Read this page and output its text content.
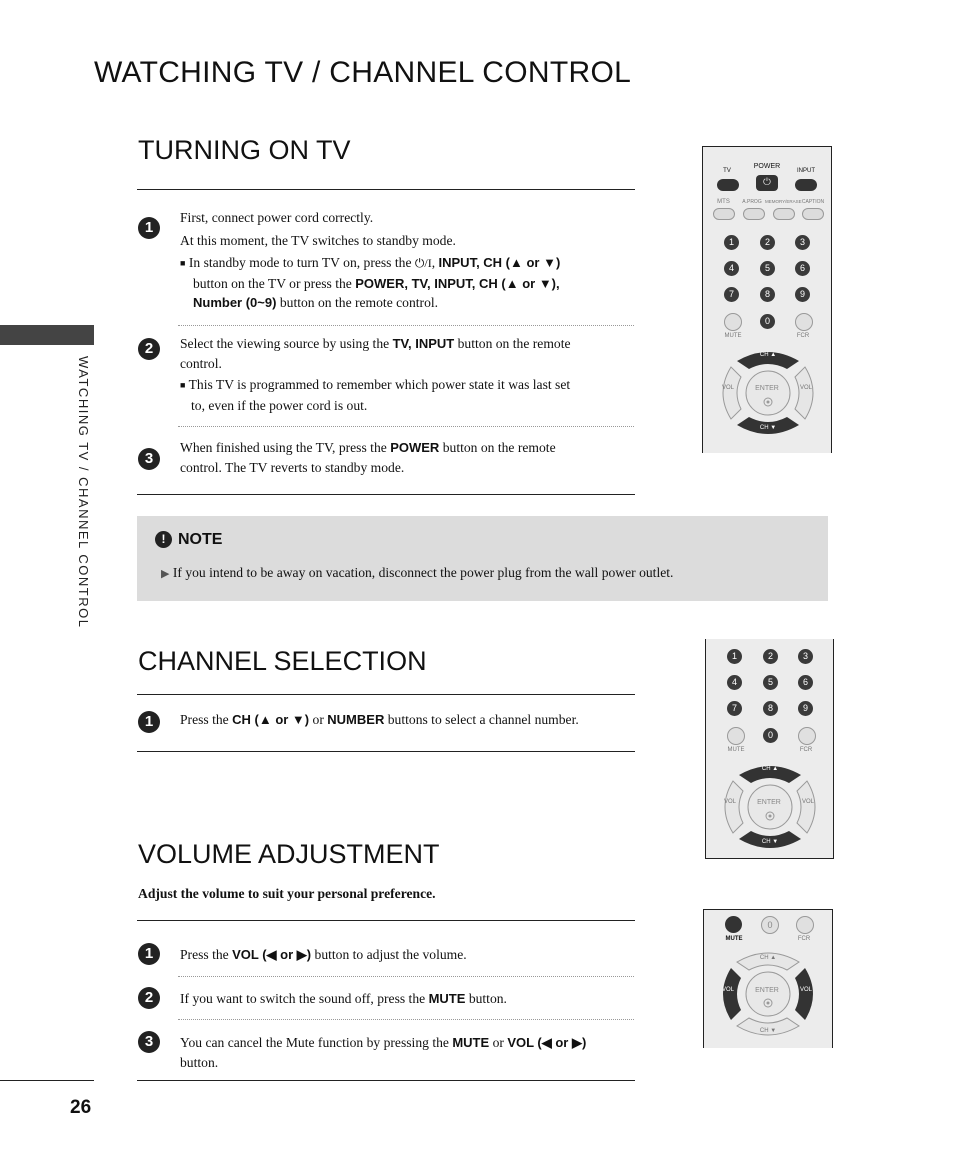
WATCHING TV / CHANNEL CONTROL
WATCHING TV / CHANNEL CONTROL
TURNING ON TV
1
First, connect power cord correctly.
At this moment, the TV switches to standby mode.
■ In standby mode to turn TV on, press the ⏻/I, INPUT, CH (▲ or ▼)
button on the TV or press the POWER, TV, INPUT, CH (▲ or ▼),
Number (0~9) button on the remote control.
2	Select the viewing source by using the TV, INPUT button on the remote
control.
■ This TV is programmed to remember which power state it was last set
to, even if the power cord is out.
3
When finished using the TV, press the POWER button on the remote
control. The TV reverts to standby mode.
TV
POWER
INPUT
⏻
MTS	A.PROG MEMORY/ERASE CAPTION
1	2	3
4	5	6
7	8	9
0
MUTE	FCR
CH ▲
CH ▼
VOL	VOL
ENTER
! NOTE
▶ If you intend to be away on vacation, disconnect the power plug from the wall power outlet.
CHANNEL SELECTION
1	Press the CH (▲ or ▼) or NUMBER buttons to select a channel number.
1	2	3
4	5	6
7	8	9
0
MUTE	FCR
CH ▲
CH ▼
VOL	VOL
ENTER
VOLUME ADJUSTMENT
Adjust the volume to suit your personal preference.
1	Press the VOL (◀ or ▶) button to adjust the volume.
2	If you want to switch the sound off, press the MUTE button.
3	You can cancel the Mute function by pressing the MUTE or VOL (◀ or ▶)
button.
0
MUTE	FCR
CH ▲
CH ▼
VOL	VOL
ENTER
26
